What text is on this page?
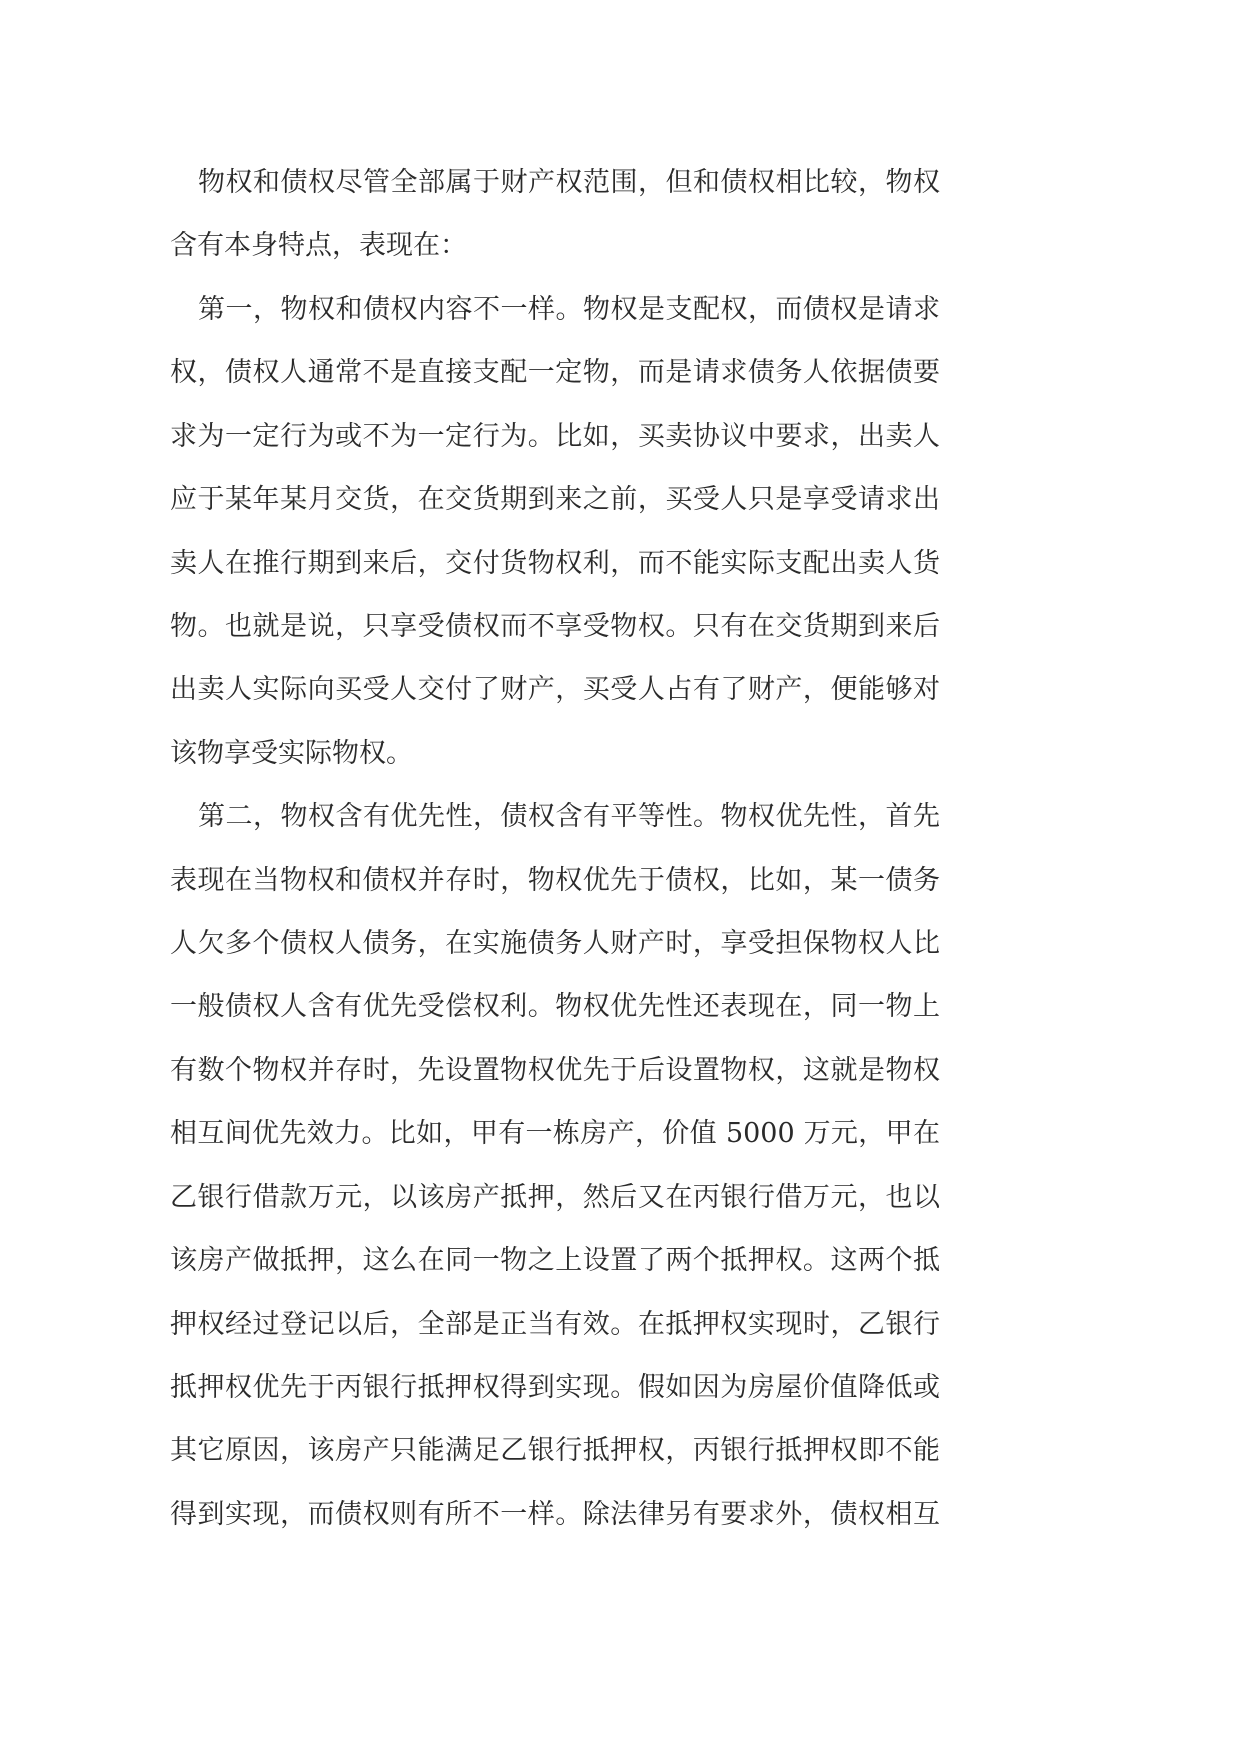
物权和债权尽管全部属于财产权范围，但和债权相比较，物权
含有本身特点，表现在：
第一，物权和债权内容不一样。物权是支配权，而债权是请求
权，债权人通常不是直接支配一定物，而是请求债务人依据债要
求为一定行为或不为一定行为。比如，买卖协议中要求，出卖人
应于某年某月交货，在交货期到来之前，买受人只是享受请求出
卖人在推行期到来后，交付货物权利，而不能实际支配出卖人货
物。也就是说，只享受债权而不享受物权。只有在交货期到来后
出卖人实际向买受人交付了财产，买受人占有了财产，便能够对
该物享受实际物权。
第二，物权含有优先性，债权含有平等性。物权优先性，首先
表现在当物权和债权并存时，物权优先于债权，比如，某一债务
人欠多个债权人债务，在实施债务人财产时，享受担保物权人比
一般债权人含有优先受偿权利。物权优先性还表现在，同一物上
有数个物权并存时，先设置物权优先于后设置物权，这就是物权
相互间优先效力。比如，甲有一栋房产，价值 5000 万元，甲在
乙银行借款万元，以该房产抵押，然后又在丙银行借万元，也以
该房产做抵押，这么在同一物之上设置了两个抵押权。这两个抵
押权经过登记以后，全部是正当有效。在抵押权实现时，乙银行
抵押权优先于丙银行抵押权得到实现。假如因为房屋价值降低或
其它原因，该房产只能满足乙银行抵押权，丙银行抵押权即不能
得到实现，而债权则有所不一样。除法律另有要求外，债权相互
